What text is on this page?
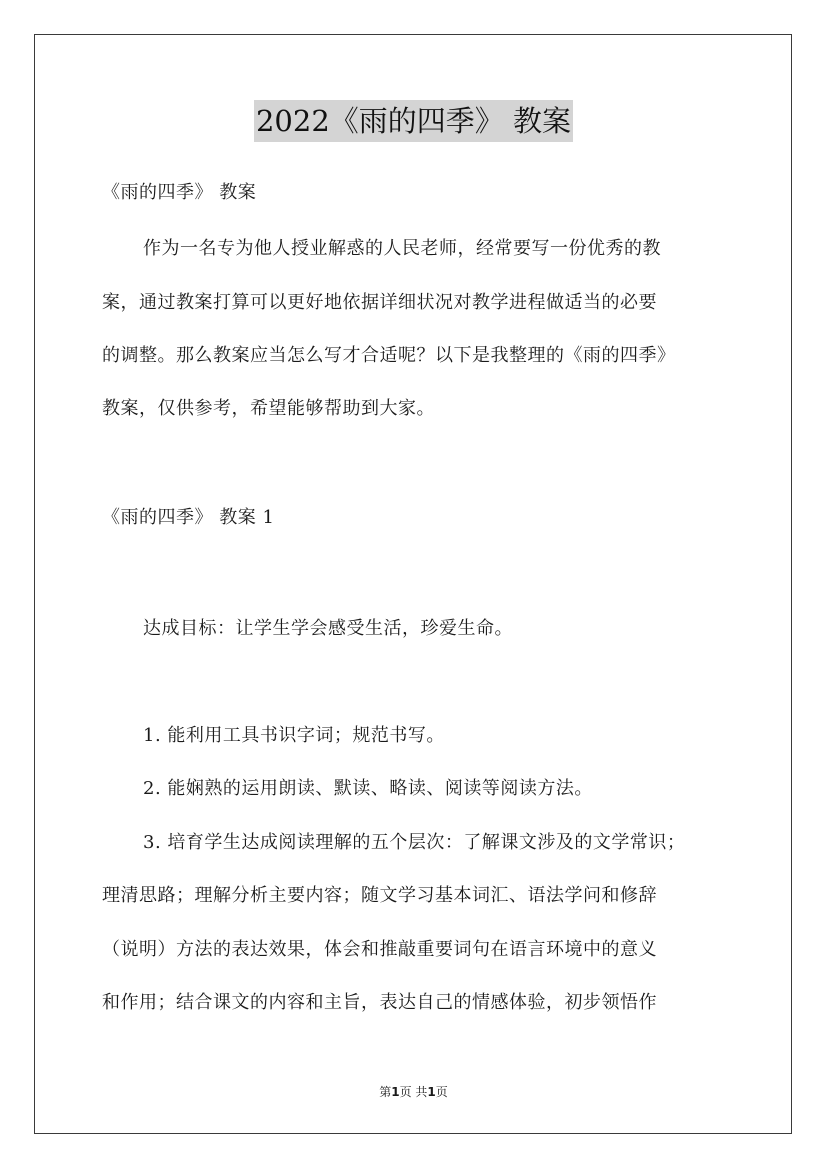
2022《雨的四季》 教案
《雨的四季》 教案
作为一名专为他人授业解惑的人民老师，经常要写一份优秀的教
案，通过教案打算可以更好地依据详细状况对教学进程做适当的必要
的调整。那么教案应当怎么写才合适呢？以下是我整理的《雨的四季》
教案，仅供参考，希望能够帮助到大家。
《雨的四季》 教案 1
达成目标：让学生学会感受生活，珍爱生命。
1. 能利用工具书识字词；规范书写。
2. 能娴熟的运用朗读、默读、略读、阅读等阅读方法。
3. 培育学生达成阅读理解的五个层次：了解课文涉及的文学常识；
理清思路；理解分析主要内容；随文学习基本词汇、语法学问和修辞
（说明）方法的表达效果，体会和推敲重要词句在语言环境中的意义
和作用；结合课文的内容和主旨，表达自己的情感体验，初步领悟作
第1页 共1页
